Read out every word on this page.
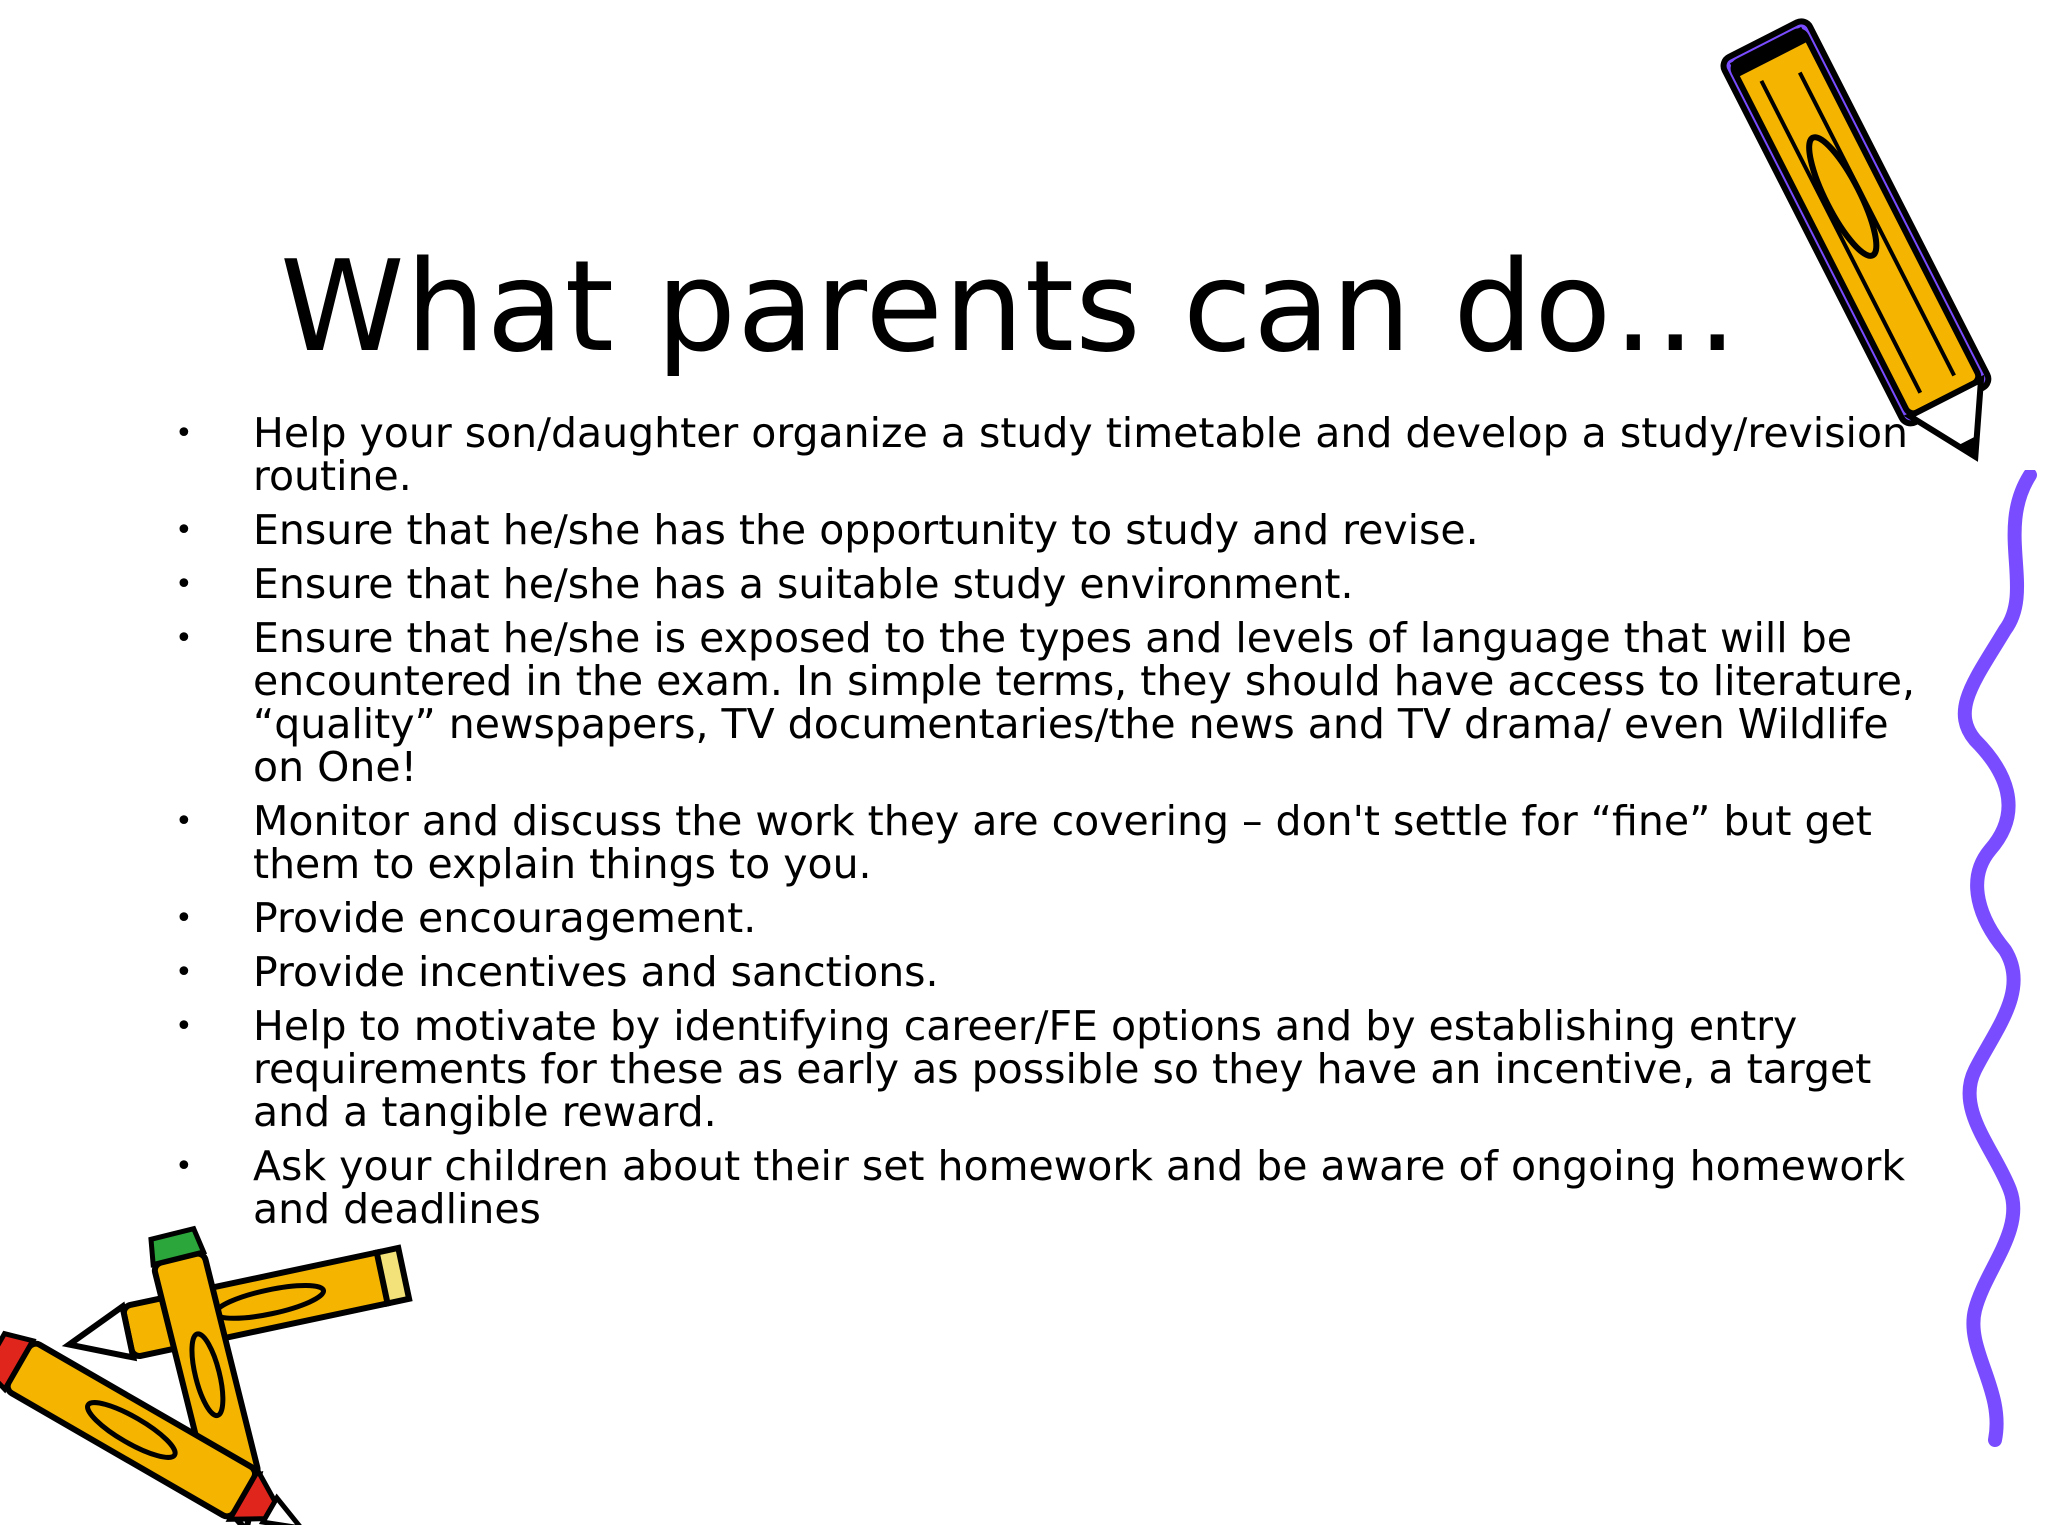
What parents can do…
• Help your son/daughter organize a study timetable and develop a study/revision routine.
• Ensure that he/she has the opportunity to study and revise.
• Ensure that he/she has a suitable study environment.
• Ensure that he/she is exposed to the types and levels of language that will be encountered in the exam. In simple terms, they should have access to literature, “quality” newspapers, TV documentaries/the news and TV drama/ even Wildlife on One!
• Monitor and discuss the work they are covering – don't settle for “fine” but get them to explain things to you.
• Provide encouragement.
• Provide incentives and sanctions.
• Help to motivate by identifying career/FE options and by establishing entry requirements for these as early as possible so they have an incentive, a target and a tangible reward.
• Ask your children about their set homework and be aware of ongoing homework and deadlines
